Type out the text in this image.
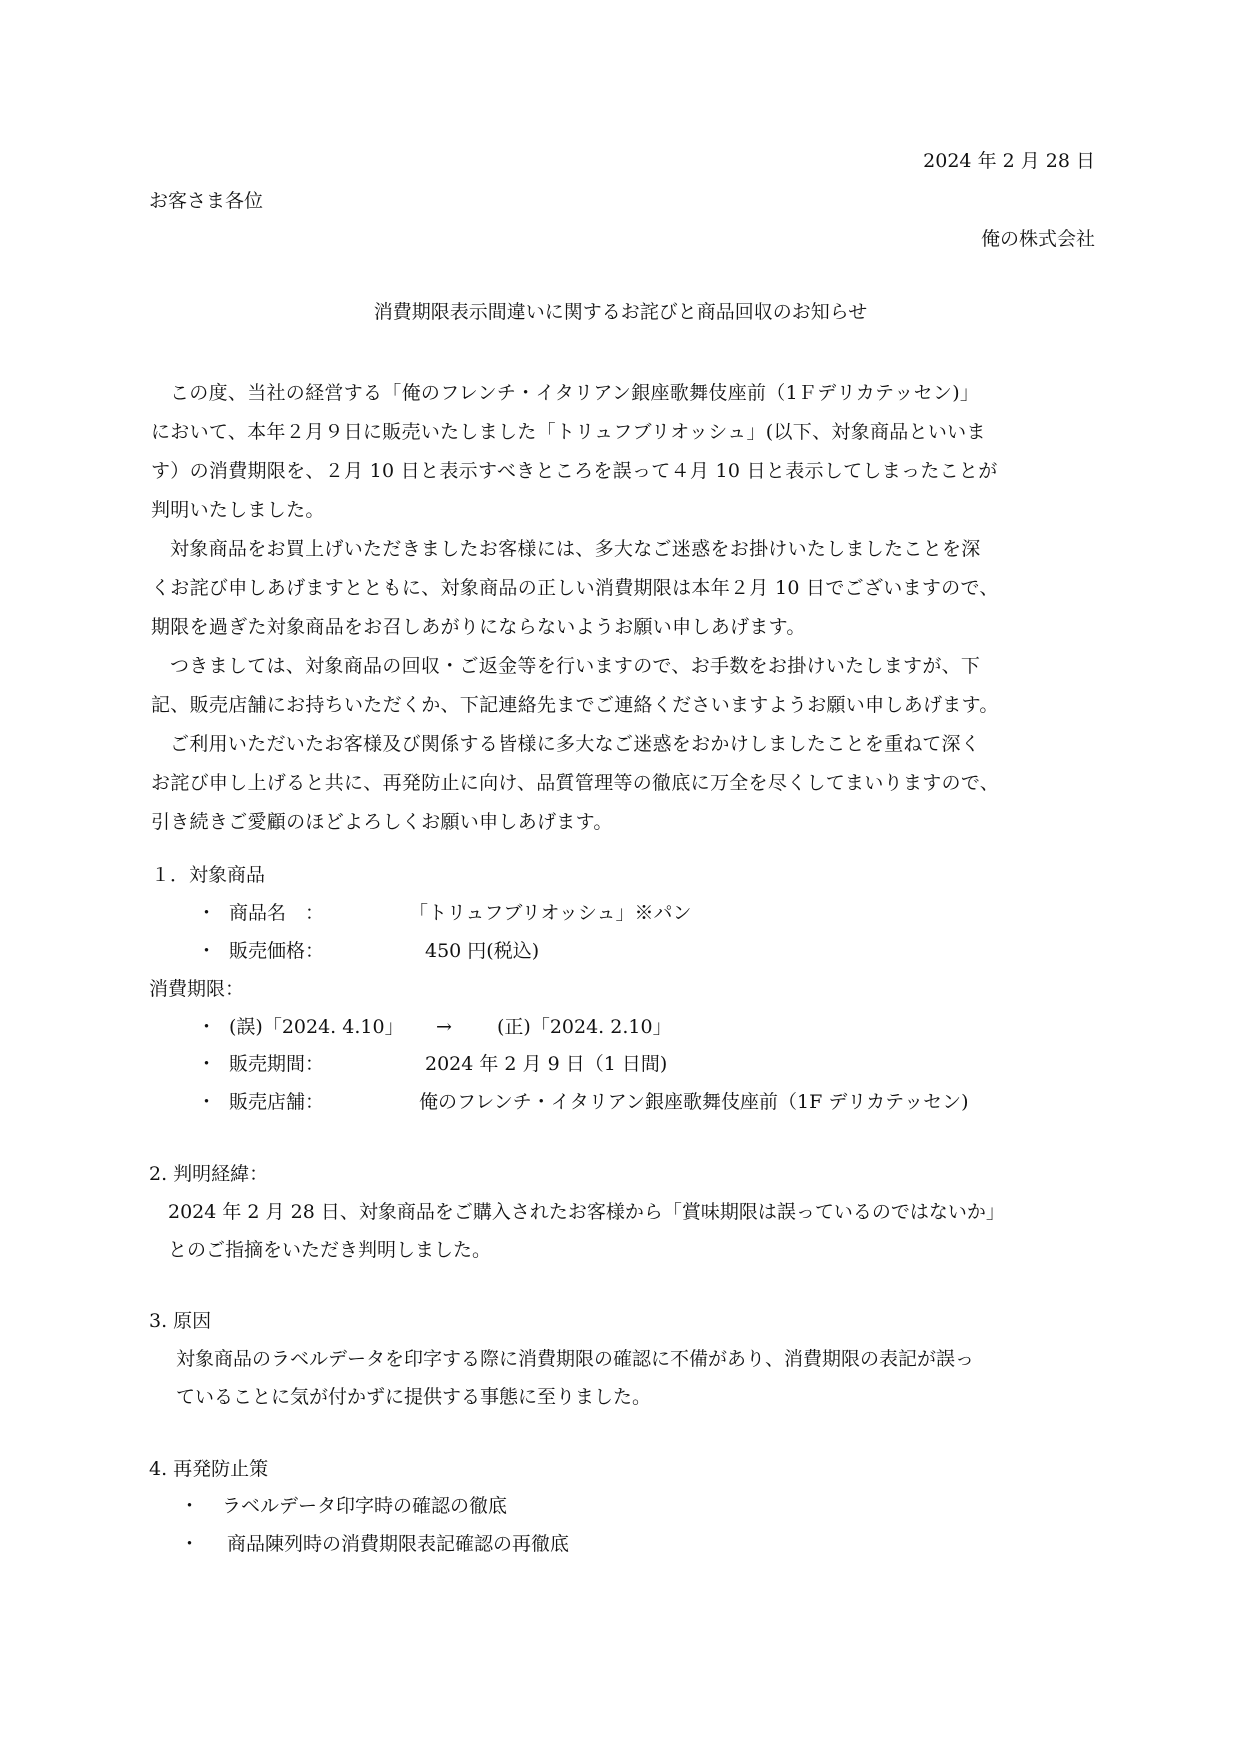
2024 年 2 月 28 日
お客さま各位
俺の株式会社
消費期限表示間違いに関するお詫びと商品回収のお知らせ

この度、当社の経営する「俺のフレンチ・イタリアン銀座歌舞伎座前（1Ｆデリカテッセン)」

において、本年２月９日に販売いたしました「トリュフブリオッシュ」(以下、対象商品といいま

す）の消費期限を、２月 10 日と表示すべきところを誤って４月 10 日と表示してしまったことが

判明いたしました。

対象商品をお買上げいただきましたお客様には、多大なご迷惑をお掛けいたしましたことを深

くお詫び申しあげますとともに、対象商品の正しい消費期限は本年２月 10 日でございますので、

期限を過ぎた対象商品をお召しあがりにならないようお願い申しあげます。

つきましては、対象商品の回収・ご返金等を行いますので、お手数をお掛けいたしますが、下

記、販売店舗にお持ちいただくか、下記連絡先までご連絡くださいますようお願い申しあげます。

ご利用いただいたお客様及び関係する皆様に多大なご迷惑をおかけしましたことを重ねて深く

お詫び申し上げると共に、再発防止に向け、品質管理等の徹底に万全を尽くしてまいりますので、

引き続きご愛顧のほどよろしくお願い申しあげます。

１．対象商品
・ 商品名　：	「トリュフブリオッシュ」※パン
・ 販売価格：	450 円(税込)
消費期限：
・ (誤)「2024. 4.10」 → (正)「2024. 2.10」
・ 販売期間：	2024 年 2 月 9 日（1 日間)
・ 販売店舗：	俺のフレンチ・イタリアン銀座歌舞伎座前（1F デリカテッセン)
2. 判明経緯：
2024 年 2 月 28 日、対象商品をご購入されたお客様から「賞味期限は誤っているのではないか」
とのご指摘をいただき判明しました。
3. 原因
対象商品のラベルデータを印字する際に消費期限の確認に不備があり、消費期限の表記が誤っ
ていることに気が付かずに提供する事態に至りました。
4. 再発防止策
・ ラベルデータ印字時の確認の徹底
・ 商品陳列時の消費期限表記確認の再徹底
